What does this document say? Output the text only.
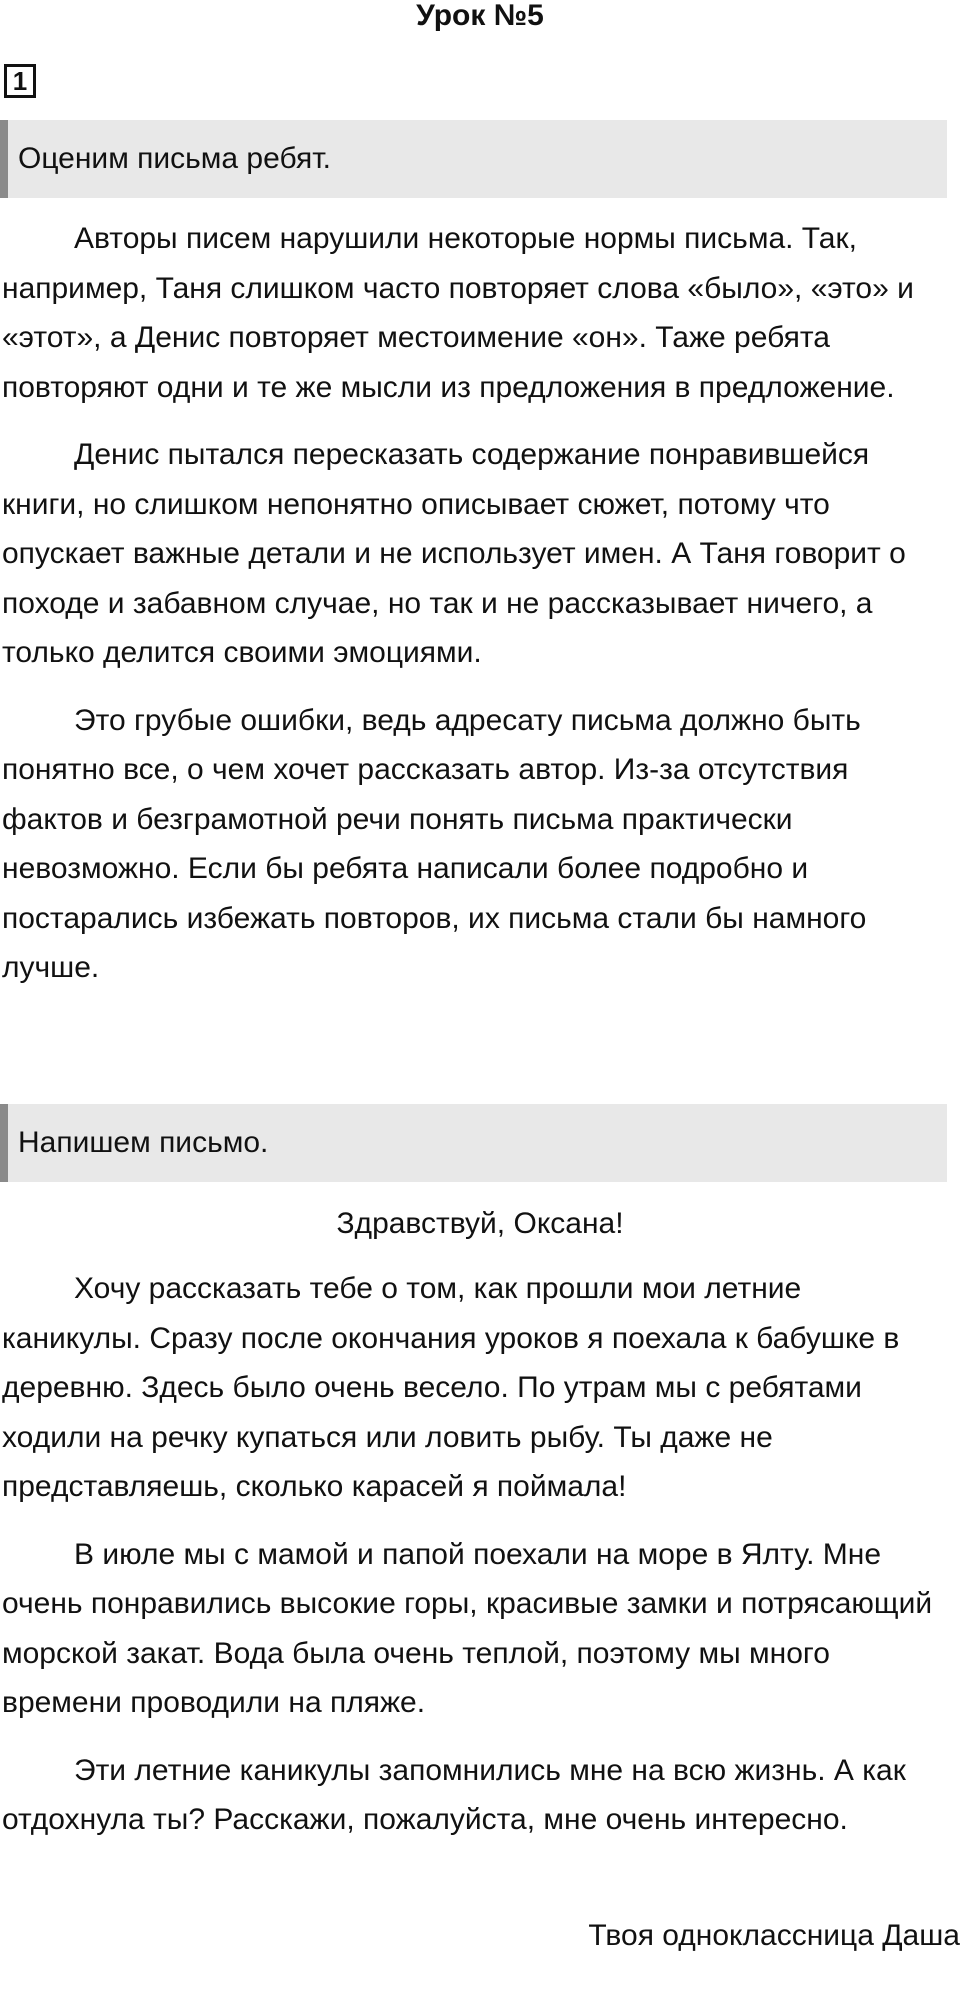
Урок №5
1
Оценим письма ребят.

Авторы писем нарушили некоторые нормы письма. Так, например, Таня слишком часто повторяет слова «было», «это» и «этот», а Денис повторяет местоимение «он». Таже ребята повторяют одни и те же мысли из предложения в предложение.

Денис пытался пересказать содержание понравившейся книги, но слишком непонятно описывает сюжет, потому что опускает важные детали и не использует имен. А Таня говорит о походе и забавном случае, но так и не рассказывает ничего, а только делится своими эмоциями.

Это грубые ошибки, ведь адресату письма должно быть понятно все, о чем хочет рассказать автор. Из-за отсутствия фактов и безграмотной речи понять письма практически невозможно. Если бы ребята написали более подробно и постарались избежать повторов, их письма стали бы намного лучше.

Напишем письмо.

Здравствуй, Оксана!

Хочу рассказать тебе о том, как прошли мои летние каникулы. Сразу после окончания уроков я поехала к бабушке в деревню. Здесь было очень весело. По утрам мы с ребятами ходили на речку купаться или ловить рыбу. Ты даже не представляешь, сколько карасей я поймала!

В июле мы с мамой и папой поехали на море в Ялту. Мне очень понравились высокие горы, красивые замки и потрясающий морской закат. Вода была очень теплой, поэтому мы много времени проводили на пляже.

Эти летние каникулы запомнились мне на всю жизнь. А как отдохнула ты? Расскажи, пожалуйста, мне очень интересно.

Твоя одноклассница Даша
